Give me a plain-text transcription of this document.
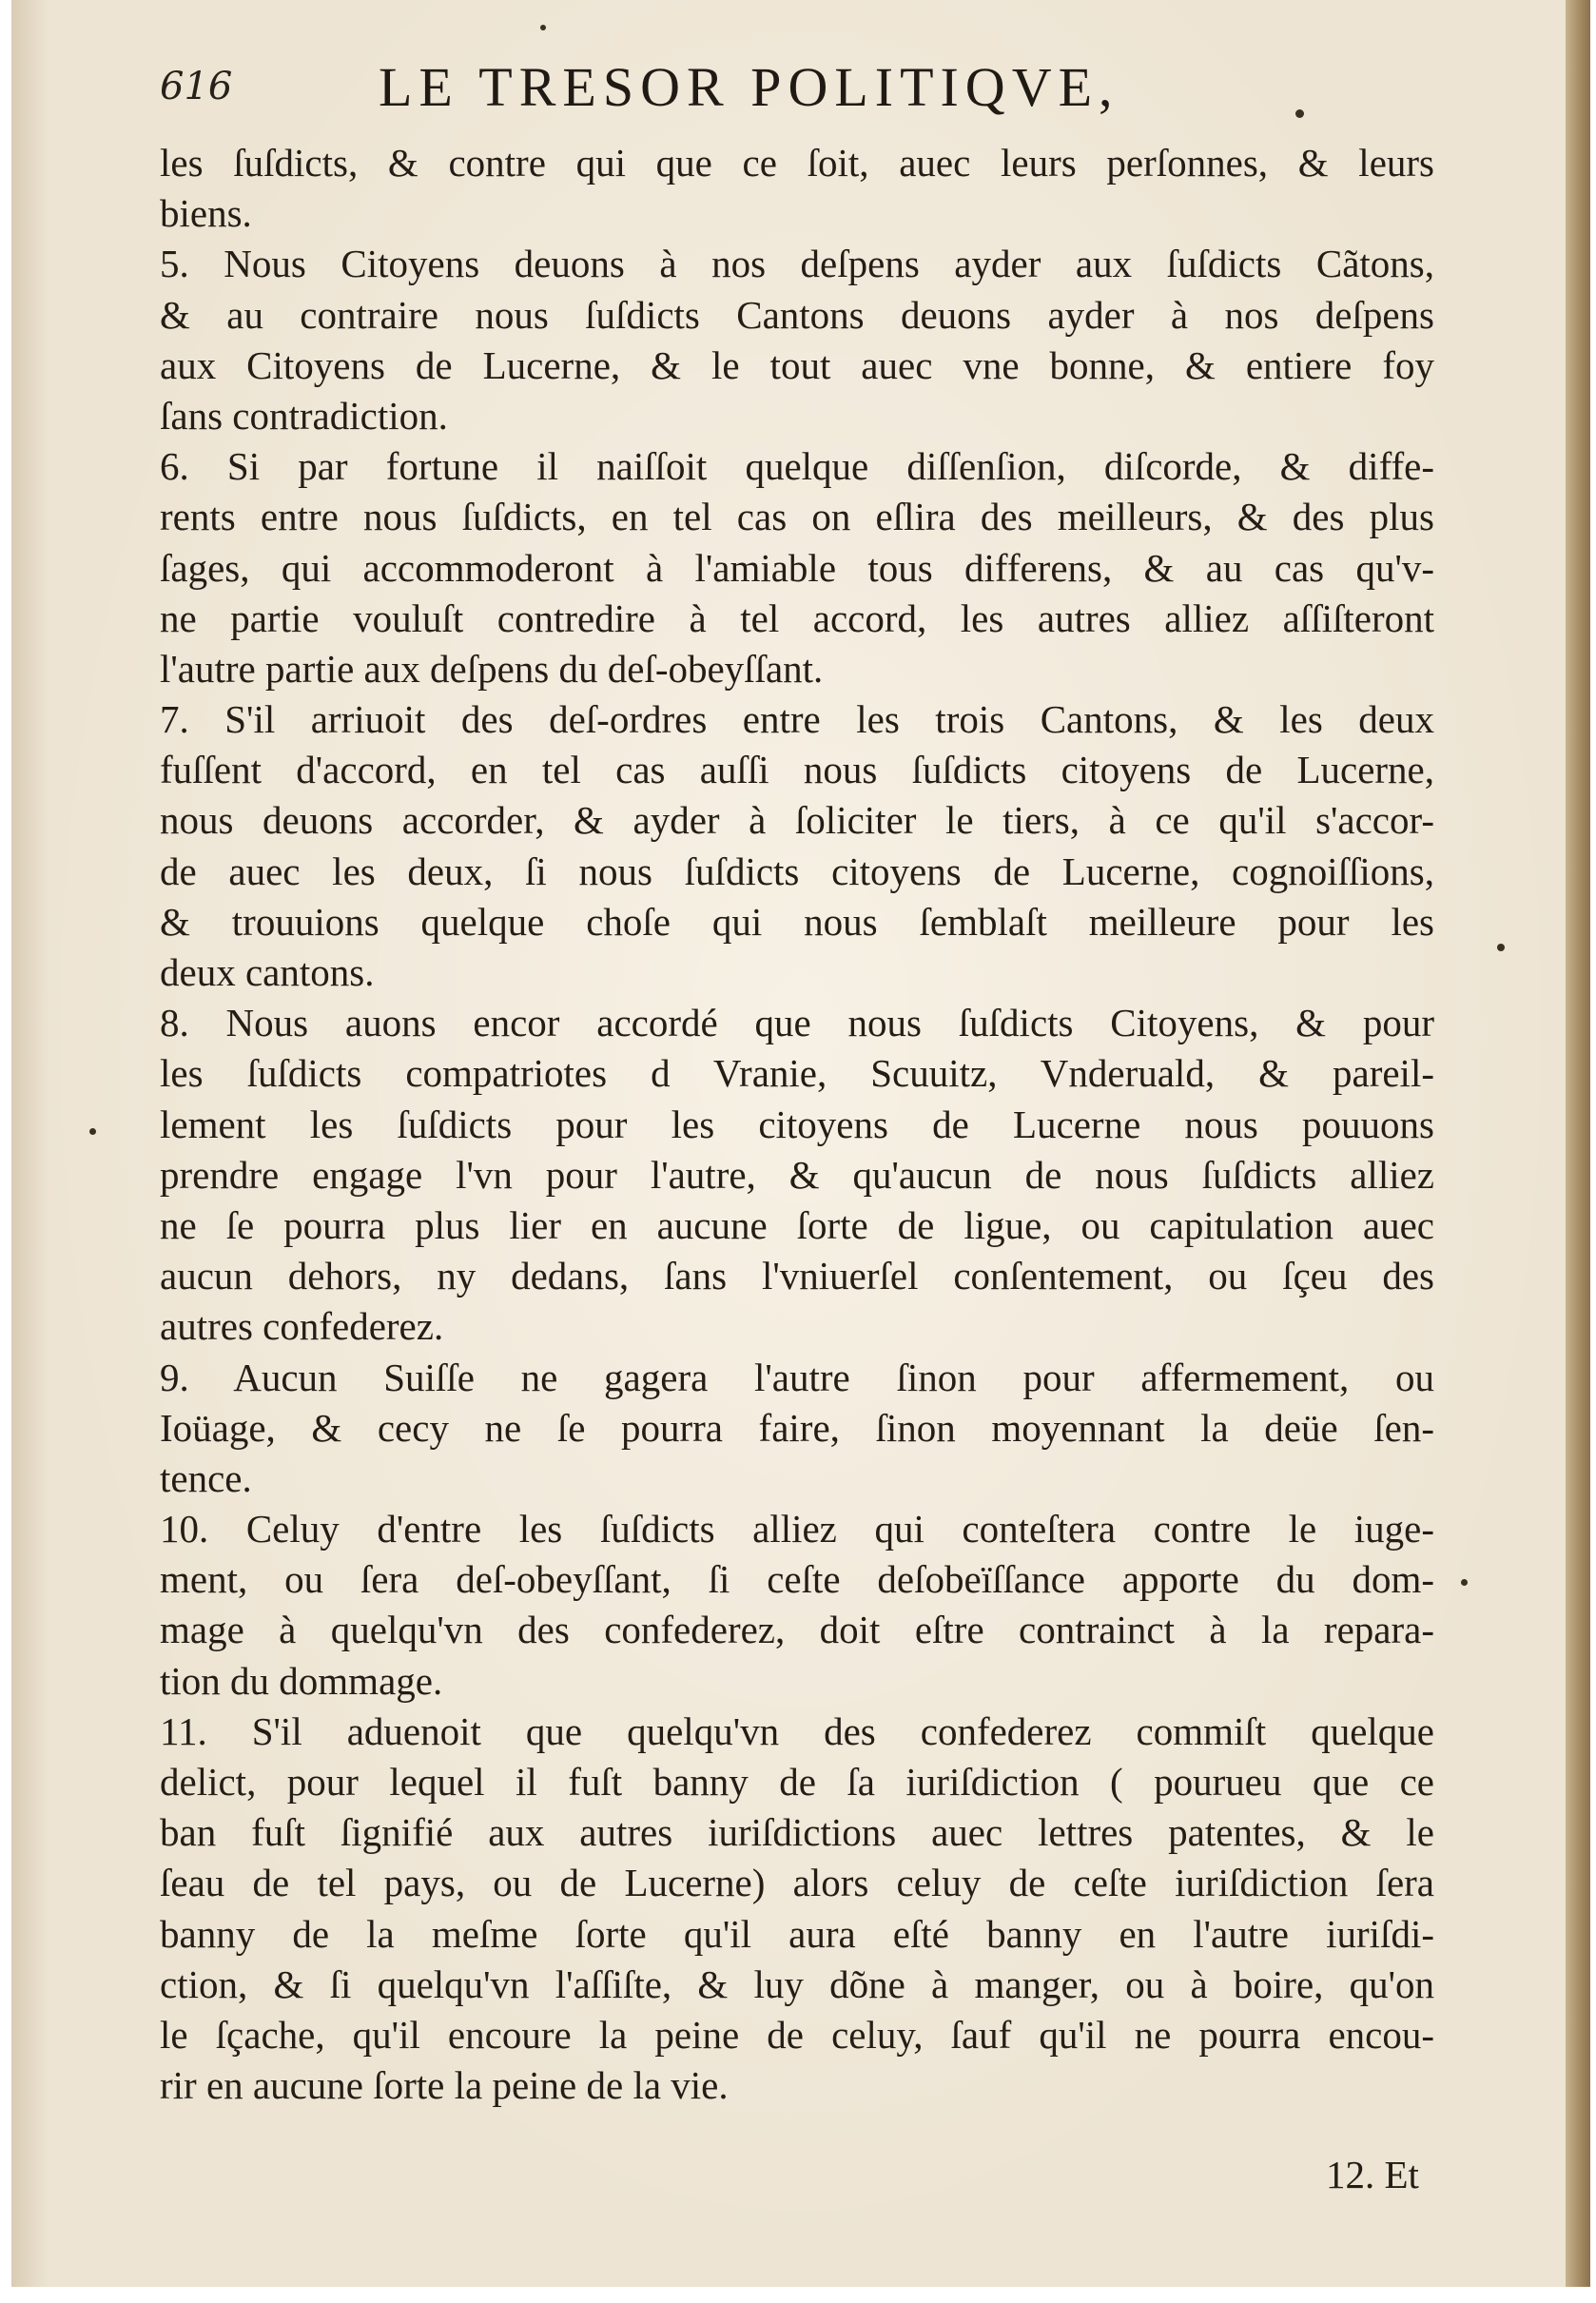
616	LE TRESOR POLITIQVE,
les ſuſdicts, & contre qui que ce ſoit, auec leurs perſonnes, & leurs
biens.
5. Nous Citoyens deuons à nos deſpens ayder aux ſuſdicts Cãtons,
& au contraire nous ſuſdicts Cantons deuons ayder à nos deſpens
aux Citoyens de Lucerne, & le tout auec vne bonne, & entiere foy
ſans contradiction.
6. Si par fortune il naiſſoit quelque diſſenſion, diſcorde, & diffe-
rents entre nous ſuſdicts, en tel cas on eſlira des meilleurs, & des plus
ſages, qui accommoderont à l'amiable tous differens, & au cas qu'v-
ne partie vouluſt contredire à tel accord, les autres alliez aſſiſteront
l'autre partie aux deſpens du deſ-obeyſſant.
7. S'il arriuoit des deſ-ordres entre les trois Cantons, & les deux
fuſſent d'accord, en tel cas auſſi nous ſuſdicts citoyens de Lucerne,
nous deuons accorder, & ayder à ſoliciter le tiers, à ce qu'il s'accor-
de auec les deux, ſi nous ſuſdicts citoyens de Lucerne, cognoiſſions,
& trouuions quelque choſe qui nous ſemblaſt meilleure pour les
deux cantons.
8. Nous auons encor accordé que nous ſuſdicts Citoyens, & pour
les ſuſdicts compatriotes d Vranie, Scuuitz, Vnderuald, & pareil-
lement les ſuſdicts pour les citoyens de Lucerne nous pouuons
prendre engage l'vn pour l'autre, & qu'aucun de nous ſuſdicts alliez
ne ſe pourra plus lier en aucune ſorte de ligue, ou capitulation auec
aucun dehors, ny dedans, ſans l'vniuerſel conſentement, ou ſçeu des
autres confederez.
9. Aucun Suiſſe ne gagera l'autre ſinon pour affermement, ou
Ioüage, & cecy ne ſe pourra faire, ſinon moyennant la deüe ſen-
tence.
10. Celuy d'entre les ſuſdicts alliez qui conteſtera contre le iuge-
ment, ou ſera deſ-obeyſſant, ſi ceſte deſobeïſſance apporte du dom-
mage à quelqu'vn des confederez, doit eſtre contrainct à la repara-
tion du dommage.
11. S'il aduenoit que quelqu'vn des confederez commiſt quelque
delict, pour lequel il fuſt banny de ſa iuriſdiction ( pourueu que ce
ban fuſt ſignifié aux autres iuriſdictions auec lettres patentes, & le
ſeau de tel pays, ou de Lucerne) alors celuy de ceſte iuriſdiction ſera
banny de la meſme ſorte qu'il aura eſté banny en l'autre iuriſdi-
ction, & ſi quelqu'vn l'aſſiſte, & luy dõne à manger, ou à boire, qu'on
le ſçache, qu'il encoure la peine de celuy, ſauf qu'il ne pourra encou-
rir en aucune ſorte la peine de la vie.
12. Et
